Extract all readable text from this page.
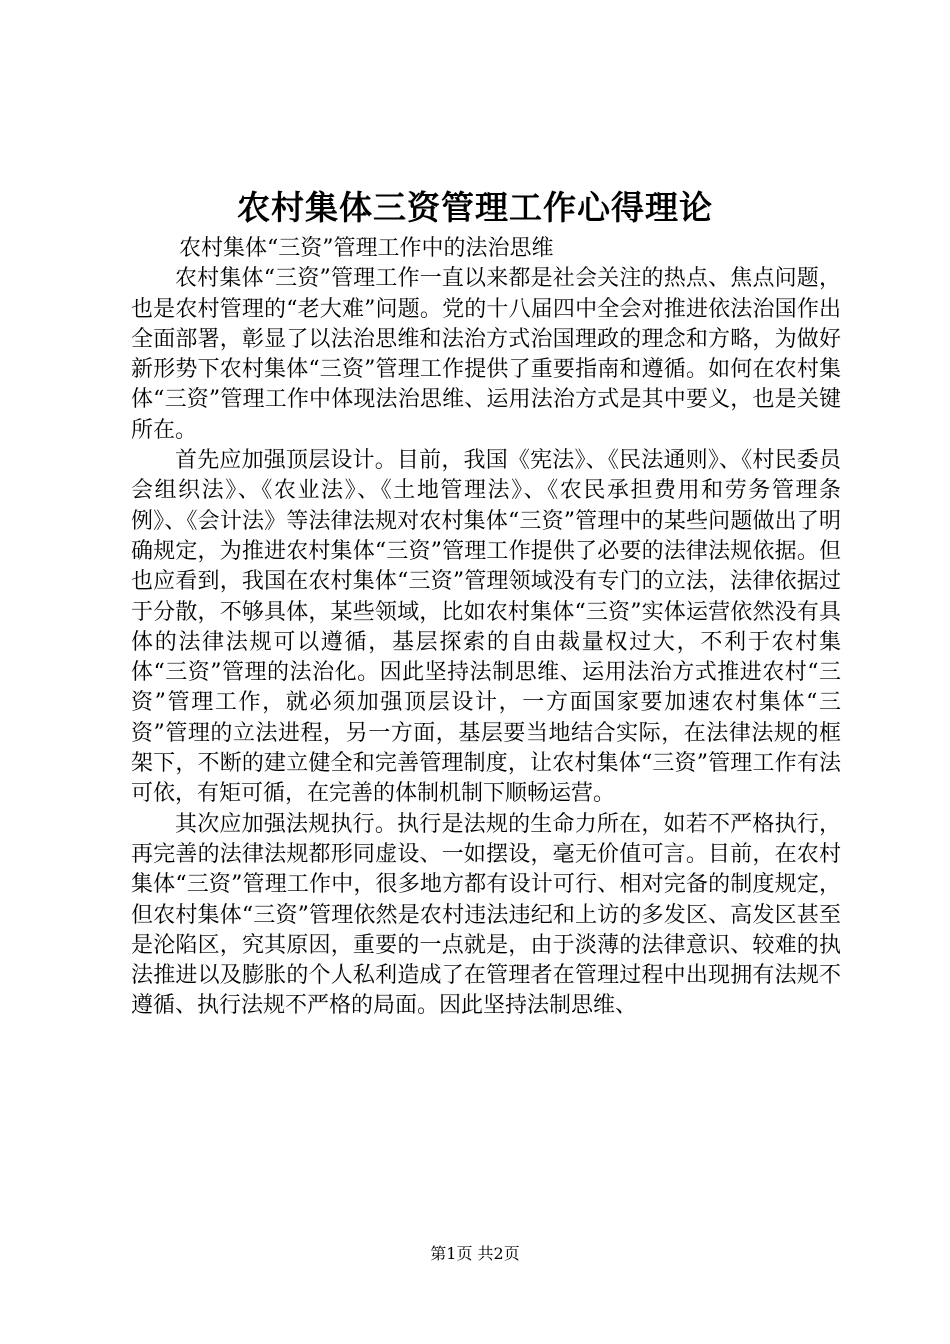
农村集体三资管理工作心得理论

农村集体“三资”管理工作中的法治思维

农村集体“三资”管理工作一直以来都是社会关注的热点、焦点问题，也是农村管理的“老大难”问题。党的十八届四中全会对推进依法治国作出全面部署，彰显了以法治思维和法治方式治国理政的理念和方略，为做好新形势下农村集体“三资”管理工作提供了重要指南和遵循。如何在农村集体“三资”管理工作中体现法治思维、运用法治方式是其中要义，也是关键所在。

首先应加强顶层设计。目前，我国《宪法》、《民法通则》、《村民委员会组织法》、《农业法》、《土地管理法》、《农民承担费用和劳务管理条例》、《会计法》等法律法规对农村集体“三资”管理中的某些问题做出了明确规定，为推进农村集体“三资”管理工作提供了必要的法律法规依据。但也应看到，我国在农村集体“三资”管理领域没有专门的立法，法律依据过于分散，不够具体，某些领域，比如农村集体“三资”实体运营依然没有具体的法律法规可以遵循，基层探索的自由裁量权过大，不利于农村集体“三资”管理的法治化。因此坚持法制思维、运用法治方式推进农村“三资”管理工作，就必须加强顶层设计，一方面国家要加速农村集体“三资”管理的立法进程，另一方面，基层要当地结合实际，在法律法规的框架下，不断的建立健全和完善管理制度，让农村集体“三资”管理工作有法可依，有矩可循，在完善的体制机制下顺畅运营。

其次应加强法规执行。执行是法规的生命力所在，如若不严格执行，再完善的法律法规都形同虚设、一如摆设，毫无价值可言。目前，在农村集体“三资”管理工作中，很多地方都有设计可行、相对完备的制度规定，但农村集体“三资”管理依然是农村违法违纪和上访的多发区、高发区甚至是沦陷区，究其原因，重要的一点就是，由于淡薄的法律意识、较难的执法推进以及膨胀的个人私利造成了在管理者在管理过程中出现拥有法规不遵循、执行法规不严格的局面。因此坚持法制思维、

第1页 共2页
